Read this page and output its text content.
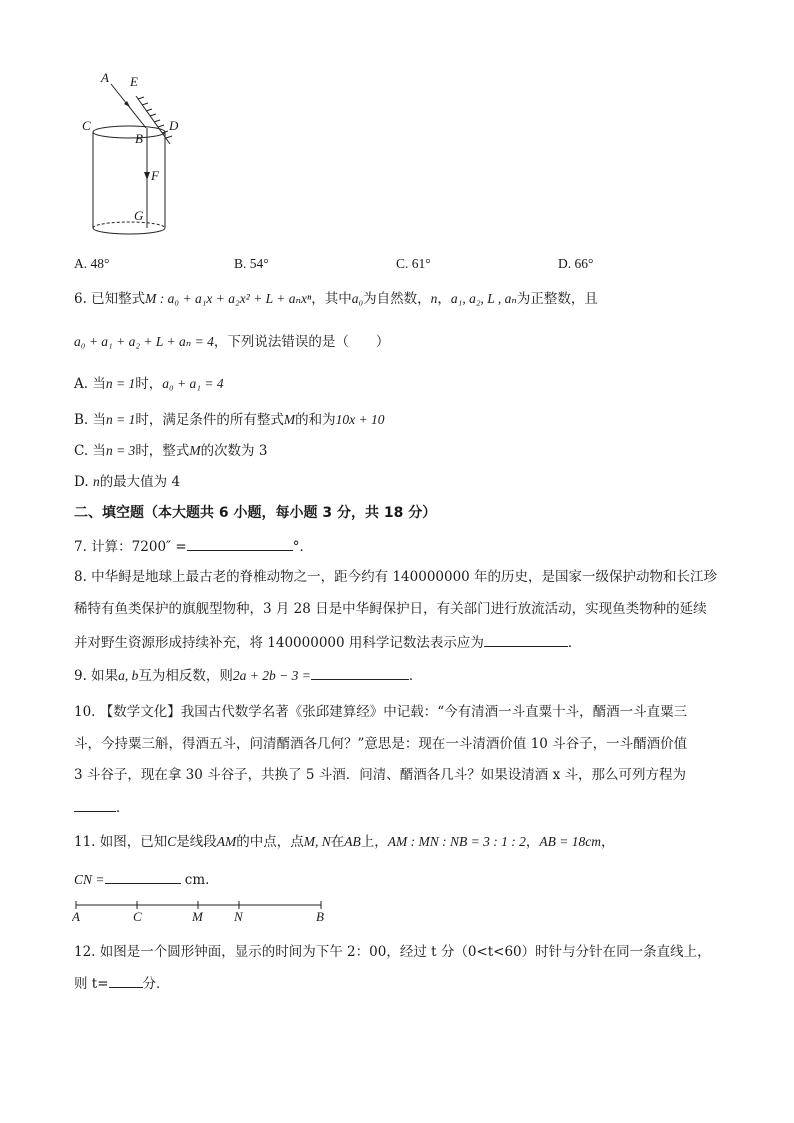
A E
C	D
B
F
G
A. 48°	B. 54°	C. 61°	D. 66°
6. 已知整式M : a₀ + a₁x + a₂x² + L + aₙxⁿ，其中a₀为自然数，n，a₁, a₂, L , aₙ为正整数，且
a₀ + a₁ + a₂ + L + aₙ = 4，下列说法错误的是（　　）
A. 当n = 1时，a₀ + a₁ = 4
B. 当n = 1时，满足条件的所有整式M的和为10x + 10
C. 当n = 3时，整式M的次数为 3
D. n的最大值为 4
二、填空题（本大题共 6 小题，每小题 3 分，共 18 分）
7. 计算：7200″ =	°．
8. 中华鲟是地球上最古老的脊椎动物之一，距今约有 140000000 年的历史，是国家一级保护动物和长江珍
稀特有鱼类保护的旗舰型物种，3 月 28 日是中华鲟保护日，有关部门进行放流活动，实现鱼类物种的延续
并对野生资源形成持续补充，将 140000000 用科学记数法表示应为	．
9. 如果a, b互为相反数，则2a + 2b − 3 =	．
10. 【数学文化】我国古代数学名著《张邱建算经》中记载：“今有清酒一斗直粟十斗，醑酒一斗直粟三
斗，今持粟三斛，得酒五斗，问清醑酒各几何？”意思是：现在一斗清酒价值 10 斗谷子，一斗醑酒价值
3 斗谷子，现在拿 30 斗谷子，共换了 5 斗酒．问清、醑酒各几斗？如果设清酒 x 斗，那么可列方程为
．
11. 如图，已知C是线段AM的中点，点M, N在AB上，AM : MN : NB = 3 : 1 : 2，AB = 18cm，
CN =	cm．
A	C	M N	B
12. 如图是一个圆形钟面，显示的时间为下午 2：00，经过 t 分（0<t<60）时针与分针在同一条直线上，
则 t=	分．
